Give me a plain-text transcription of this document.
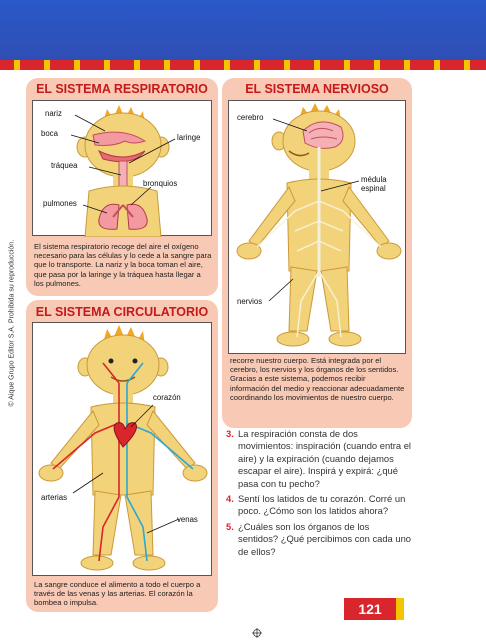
© Aique Grupo Editor S.A. Prohibida su reproducción.
EL SISTEMA RESPIRATORIO
nariz
boca	laringe
tráquea
bronquios
pulmones
El sistema respiratorio recoge del aire el oxígeno necesario para las células y lo cede a la sangre para que lo transporte. La nariz y la boca toman el aire, que pasa por la laringe y la tráquea hasta llegar a los pulmones.
EL SISTEMA NERVIOSO
cerebro
médula espinal
nervios
recorre nuestro cuerpo. Está integrada por el cerebro, los nervios y los órganos de los sentidos. Gracias a este sistema, podemos recibir información del medio y reaccionar adecuadamente coordinando los movimientos de nuestro cuerpo.
EL SISTEMA CIRCULATORIO
corazón
arterias
venas
La sangre conduce el alimento a todo el cuerpo a través de las venas y las arterias. El corazón la bombea o impulsa.
3. La respiración consta de dos movimientos: inspiración (cuando entra el aire) y la expiración (cuando dejamos escapar el aire). Inspirá y expirá: ¿qué pasa con tu pecho?
4. Sentí los latidos de tu corazón. Corré un poco. ¿Cómo son los latidos ahora?
5. ¿Cuáles son los órganos de los sentidos? ¿Qué percibimos con cada uno de ellos?
121
